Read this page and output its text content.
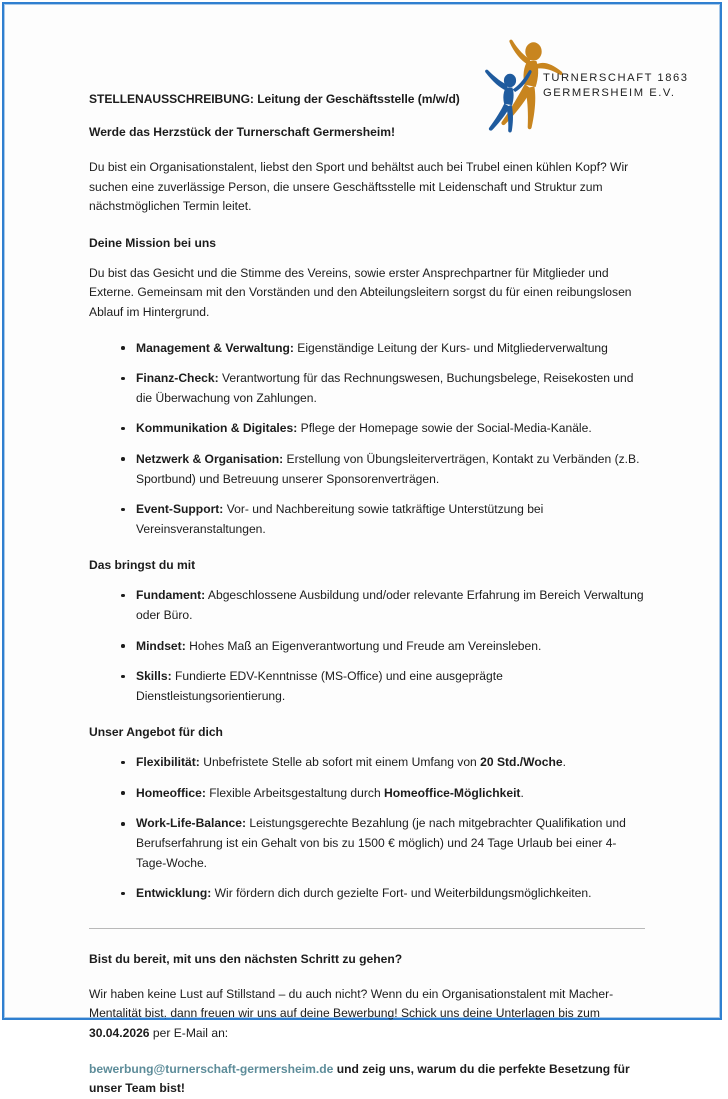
TURNERSCHAFT 1863
GERMERSHEIM E.V.
STELLENAUSSCHREIBUNG: Leitung der Geschäftsstelle (m/w/d)
Werde das Herzstück der Turnerschaft Germersheim!

Du bist ein Organisationstalent, liebst den Sport und behältst auch bei Trubel einen kühlen Kopf? Wir suchen eine zuverlässige Person, die unsere Geschäftsstelle mit Leidenschaft und Struktur zum nächstmöglichen Termin leitet.

Deine Mission bei uns

Du bist das Gesicht und die Stimme des Vereins, sowie erster Ansprechpartner für Mitglieder und Externe. Gemeinsam mit den Vorständen und den Abteilungsleitern sorgst du für einen reibungslosen Ablauf im Hintergrund.

Management & Verwaltung: Eigenständige Leitung der Kurs- und Mitgliederverwaltung
Finanz-Check: Verantwortung für das Rechnungswesen, Buchungsbelege, Reisekosten und die Überwachung von Zahlungen.
Kommunikation & Digitales: Pflege der Homepage sowie der Social-Media-Kanäle.
Netzwerk & Organisation: Erstellung von Übungsleiterverträgen, Kontakt zu Verbänden (z.B. Sportbund) und Betreuung unserer Sponsorenverträgen.
Event-Support: Vor- und Nachbereitung sowie tatkräftige Unterstützung bei Vereinsveranstaltungen.
Das bringst du mit
Fundament: Abgeschlossene Ausbildung und/oder relevante Erfahrung im Bereich Verwaltung oder Büro.
Mindset: Hohes Maß an Eigenverantwortung und Freude am Vereinsleben.
Skills: Fundierte EDV-Kenntnisse (MS-Office) und eine ausgeprägte Dienstleistungsorientierung.
Unser Angebot für dich
Flexibilität: Unbefristete Stelle ab sofort mit einem Umfang von 20 Std./Woche.
Homeoffice: Flexible Arbeitsgestaltung durch Homeoffice-Möglichkeit.
Work-Life-Balance: Leistungsgerechte Bezahlung (je nach mitgebrachter Qualifikation und Berufserfahrung ist ein Gehalt von bis zu 1500 € möglich) und 24 Tage Urlaub bei einer 4-Tage-Woche.
Entwicklung: Wir fördern dich durch gezielte Fort- und Weiterbildungsmöglichkeiten.
Bist du bereit, mit uns den nächsten Schritt zu gehen?

Wir haben keine Lust auf Stillstand – du auch nicht? Wenn du ein Organisationstalent mit Macher-Mentalität bist, dann freuen wir uns auf deine Bewerbung! Schick uns deine Unterlagen bis zum 30.04.2026 per E-Mail an:

bewerbung@turnerschaft-germersheim.de und zeig uns, warum du die perfekte Besetzung für unser Team bist!
